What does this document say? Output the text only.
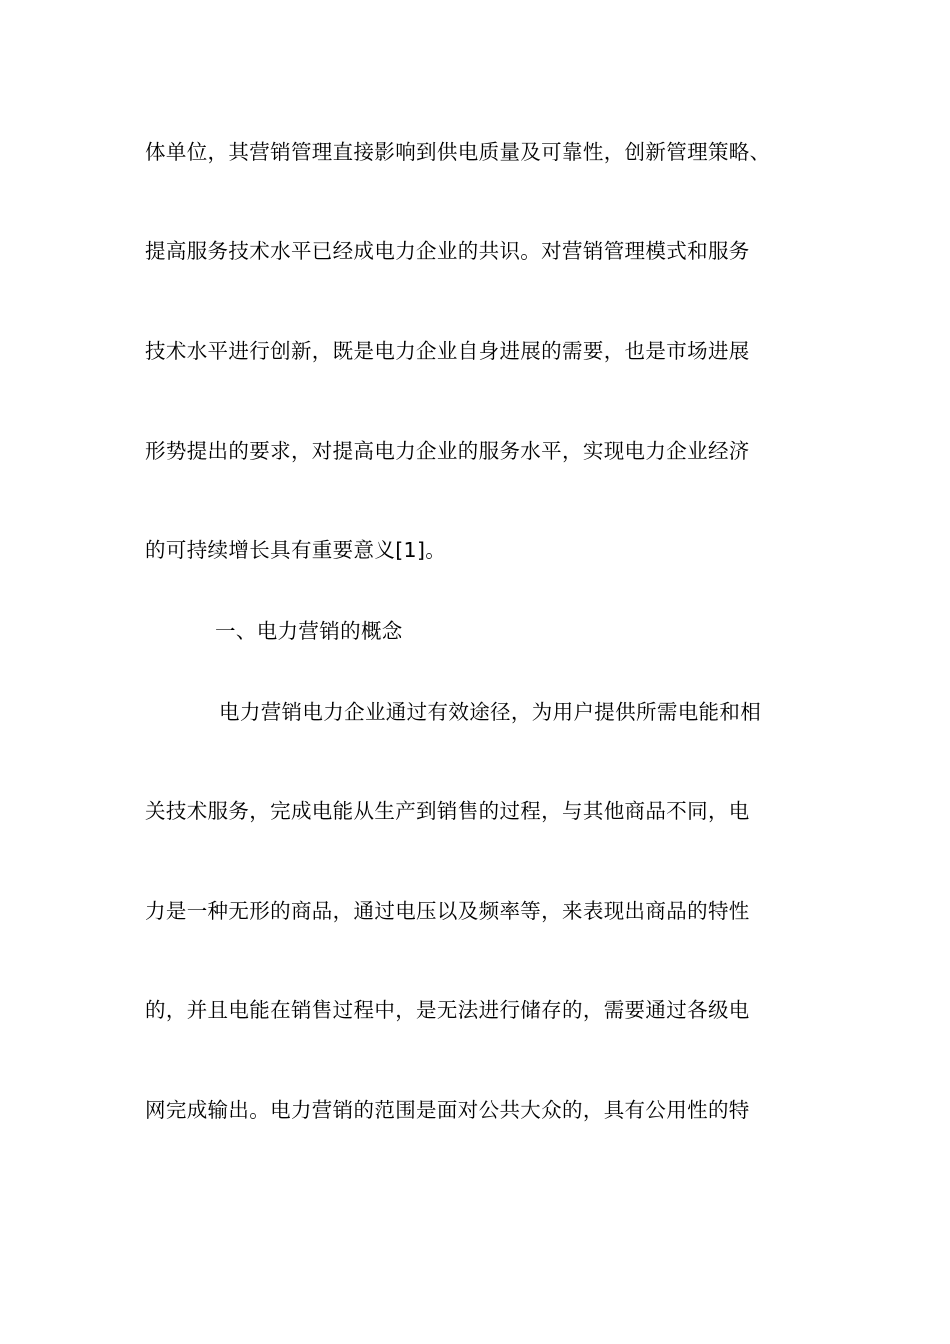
体单位，其营销管理直接影响到供电质量及可靠性，创新管理策略、
提高服务技术水平已经成电力企业的共识。对营销管理模式和服务
技术水平进行创新，既是电力企业自身进展的需要，也是市场进展
形势提出的要求，对提高电力企业的服务水平，实现电力企业经济
的可持续增长具有重要意义[1]。
一、电力营销的概念
电力营销电力企业通过有效途径，为用户提供所需电能和相
关技术服务，完成电能从生产到销售的过程，与其他商品不同，电
力是一种无形的商品，通过电压以及频率等，来表现出商品的特性
的，并且电能在销售过程中，是无法进行储存的，需要通过各级电
网完成输出。电力营销的范围是面对公共大众的，具有公用性的特
